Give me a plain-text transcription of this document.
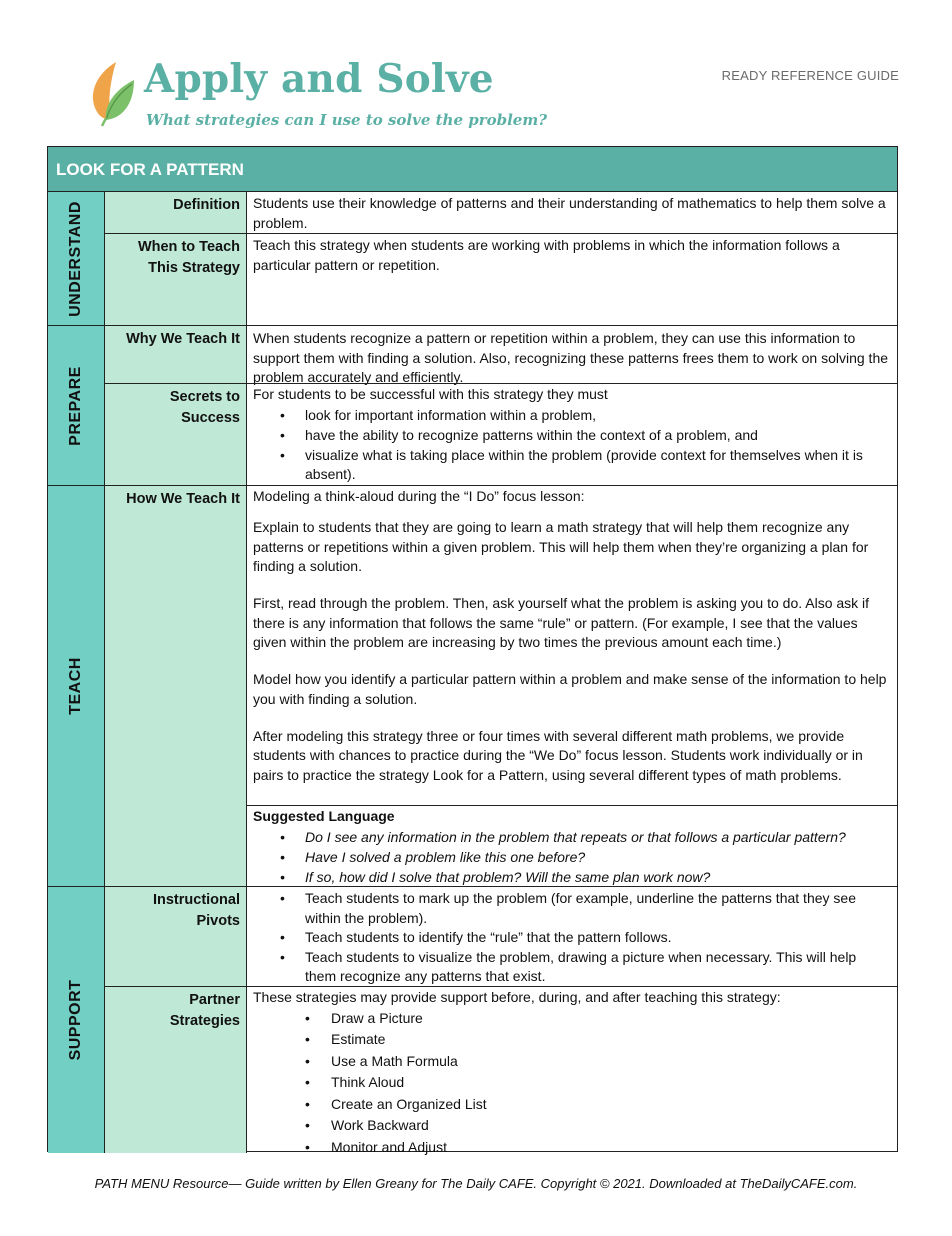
Apply and Solve
What strategies can I use to solve the problem?
READY REFERENCE GUIDE
LOOK FOR A PATTERN
UNDERSTAND	Definition Students use their knowledge of patterns and their understanding of mathematics to help them solve a problem.

When to Teach This Strategy

Teach this strategy when students are working with problems in which the information follows a particular pattern or repetition.

PREPARE
Why We Teach It When students recognize a pattern or repetition within a problem, they can use this information to support them with finding a solution. Also, recognizing these patterns frees them to work on solving the problem accurately and efficiently.

Secrets to Success

For students to be successful with this strategy they must

• look for important information within a problem,
• have the ability to recognize patterns within the context of a problem, and
• visualize what is taking place within the problem (provide context for themselves when it is absent).
TEACH
How We Teach It Modeling a think-aloud during the “I Do” focus lesson:

Explain to students that they are going to learn a math strategy that will help them recognize any patterns or repetitions within a given problem. This will help them when they’re organizing a plan for finding a solution.

First, read through the problem. Then, ask yourself what the problem is asking you to do. Also ask if there is any information that follows the same “rule” or pattern. (For example, I see that the values given within the problem are increasing by two times the previous amount each time.)

Model how you identify a particular pattern within a problem and make sense of the information to help you with finding a solution.

After modeling this strategy three or four times with several different math problems, we provide students with chances to practice during the “We Do” focus lesson. Students work individually or in pairs to practice the strategy Look for a Pattern, using several different types of math problems.

Suggested Language

• Do I see any information in the problem that repeats or that follows a particular pattern?
• Have I solved a problem like this one before?
• If so, how did I solve that problem? Will the same plan work now?
SUPPORT
Instructional Pivots
• Teach students to mark up the problem (for example, underline the patterns that they see within the problem).
• Teach students to identify the “rule” that the pattern follows.
• Teach students to visualize the problem, drawing a picture when necessary. This will help them recognize any patterns that exist.
Partner Strategies

These strategies may provide support before, during, and after teaching this strategy:

• Draw a Picture
• Estimate
• Use a Math Formula
• Think Aloud
• Create an Organized List
• Work Backward
• Monitor and Adjust
PATH MENU Resource— Guide written by Ellen Greany for The Daily CAFE. Copyright © 2021. Downloaded at TheDailyCAFE.com.
